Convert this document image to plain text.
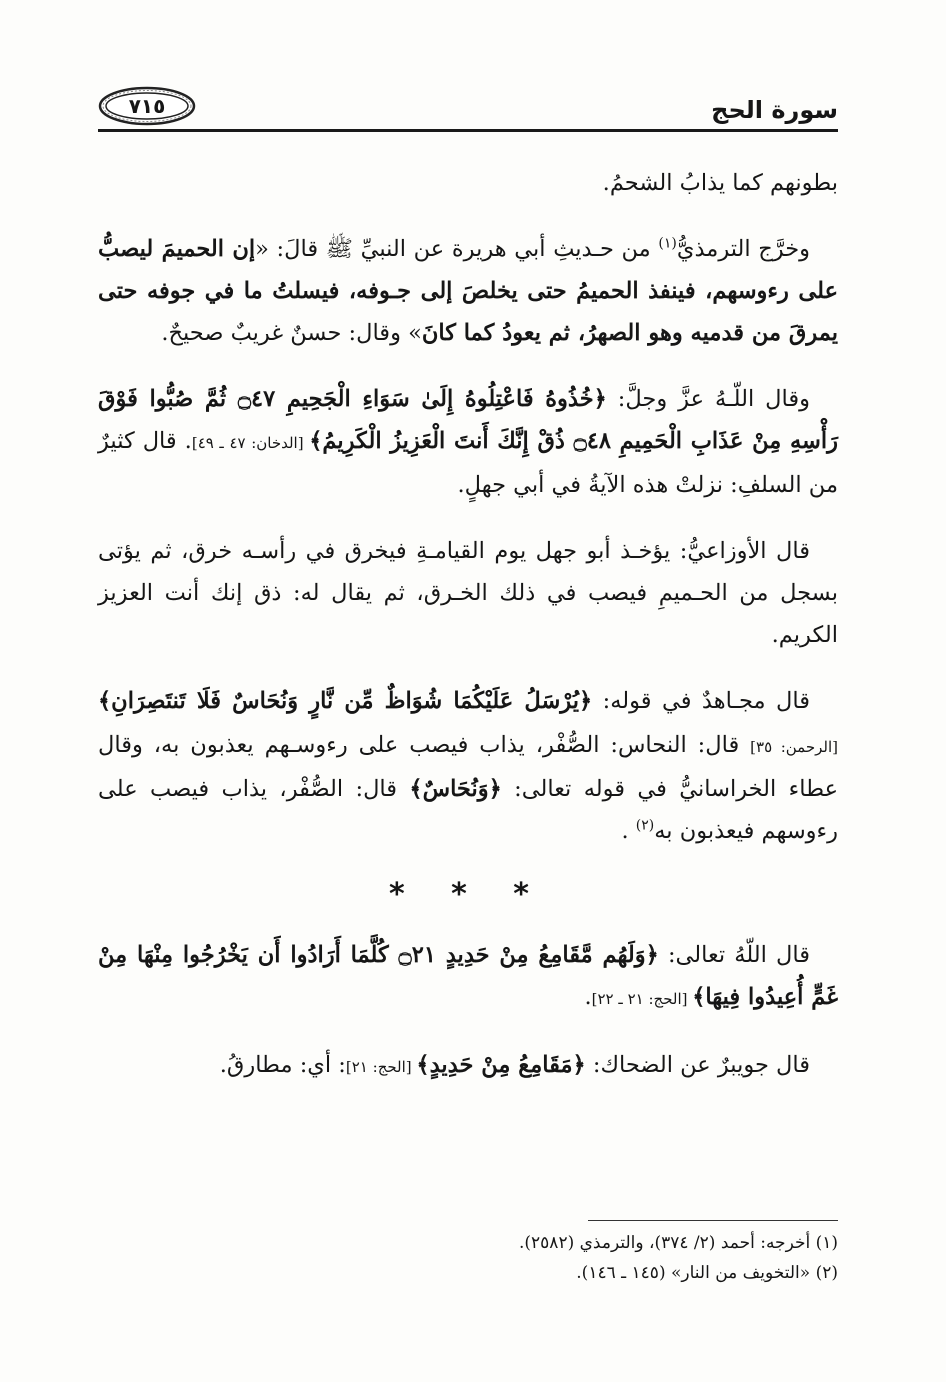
سورة الحج
٧١٥

بطونهم كما يذابُ الشحمُ.

وخرَّج الترمذيُّ$^{(١)}$ من حـديثِ أبي هريرة عن النبيِّ ﷺ قالَ: «إن الحميمَ ليصبُّ على رءوسهم، فينفذ الحميمُ حتى يخلصَ إلى جـوفه، فيسلتُ ما في جوفه حتى يمرقَ من قدميه وهو الصهرُ، ثم يعودُ كما كانَ» وقال: حسنٌ غريبٌ صحيحٌ.

وقال اللّـهُ عزَّ وجلَّ: ﴿خُذُوهُ فَاعْتِلُوهُ إِلَىٰ سَوَاءِ الْجَحِيمِ ۝٤٧ ثُمَّ صُبُّوا فَوْقَ رَأْسِهِ مِنْ عَذَابِ الْحَمِيمِ ۝٤٨ ذُقْ إِنَّكَ أَنتَ الْعَزِيزُ الْكَرِيمُ﴾ [الدخان: ٤٧ ـ ٤٩]. قال كثيرٌ من السلفِ: نزلتْ هذه الآيةُ في أبي جهلٍ.

قال الأوزاعيُّ: يؤخـذ أبو جهل يوم القيامـةِ فيخرق في رأسـه خرق، ثم يؤتى بسجل من الحـميمِ فيصب في ذلك الخـرق، ثم يقال له: ذق إنك أنت العزيز الكريم.

قال مجـاهدٌ في قوله: ﴿يُرْسَلُ عَلَيْكُمَا شُوَاظٌ مِّن نَّارٍ وَنُحَاسٌ فَلَا تَنتَصِرَانِ﴾ [الرحمن: ٣٥] قال: النحاس: الصُّفْر، يذاب فيصب على رءوسـهم يعذبون به، وقال عطاء الخراسانيُّ في قوله تعالى: ﴿وَنُحَاسٌ﴾ قال: الصُّفْر، يذاب فيصب على رءوسهم فيعذبون به$^{(٢)}$ .

* * *

قال اللّهُ تعالى: ﴿وَلَهُم مَّقَامِعُ مِنْ حَدِيدٍ ۝٢١ كُلَّمَا أَرَادُوا أَن يَخْرُجُوا مِنْهَا مِنْ غَمٍّ أُعِيدُوا فِيهَا﴾ [الحج: ٢١ ـ ٢٢].

قال جويبرٌ عن الضحاك: ﴿مَقَامِعُ مِنْ حَدِيدٍ﴾ [الحج: ٢١]: أي: مطارقُ.

(١) أخرجه: أحمد (٢/ ٣٧٤)، والترمذي (٢٥٨٢).
(٢) «التخويف من النار» (١٤٥ ـ ١٤٦).
